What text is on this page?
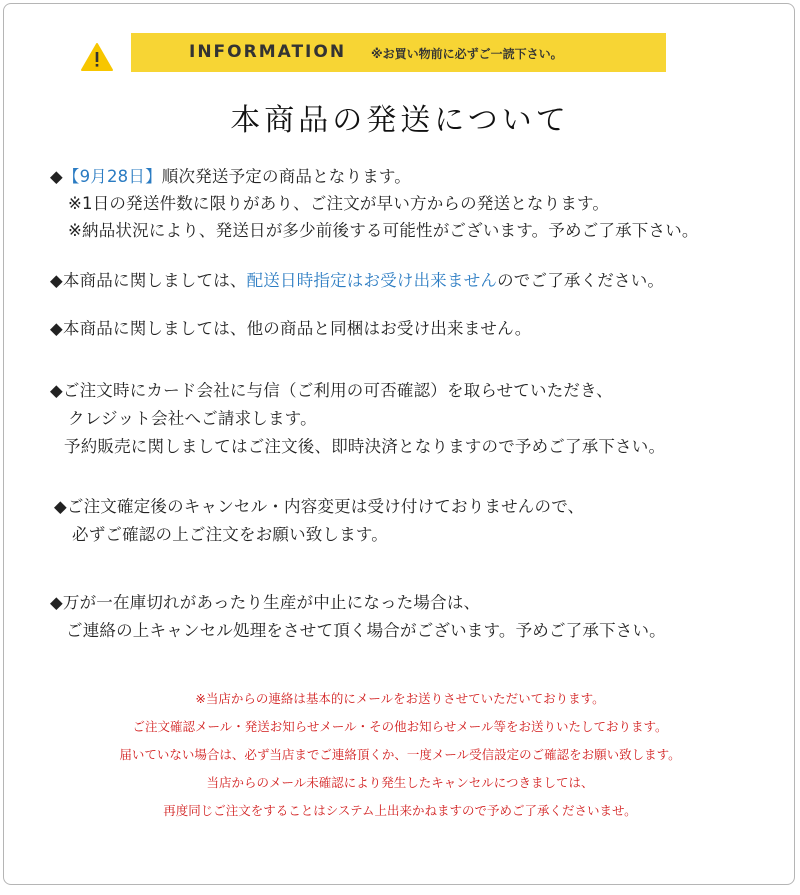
INFORMATION ※お買い物前に必ずご一読下さい。
本商品の発送について
◆【9月28日】順次発送予定の商品となります。
※1日の発送件数に限りがあり、ご注文が早い方からの発送となります。
※納品状況により、発送日が多少前後する可能性がございます。予めご了承下さい。
◆本商品に関しましては、配送日時指定はお受け出来ませんのでご了承ください。
◆本商品に関しましては、他の商品と同梱はお受け出来ません。
◆ご注文時にカード会社に与信（ご利用の可否確認）を取らせていただき、
クレジット会社へご請求します。
予約販売に関しましてはご注文後、即時決済となりますので予めご了承下さい。
◆ご注文確定後のキャンセル・内容変更は受け付けておりませんので、
必ずご確認の上ご注文をお願い致します。
◆万が一在庫切れがあったり生産が中止になった場合は、
ご連絡の上キャンセル処理をさせて頂く場合がございます。予めご了承下さい。
※当店からの連絡は基本的にメールをお送りさせていただいております。
ご注文確認メール・発送お知らせメール・その他お知らせメール等をお送りいたしております。
届いていない場合は、必ず当店までご連絡頂くか、一度メール受信設定のご確認をお願い致します。
当店からのメール未確認により発生したキャンセルにつきましては、
再度同じご注文をすることはシステム上出来かねますので予めご了承くださいませ。
